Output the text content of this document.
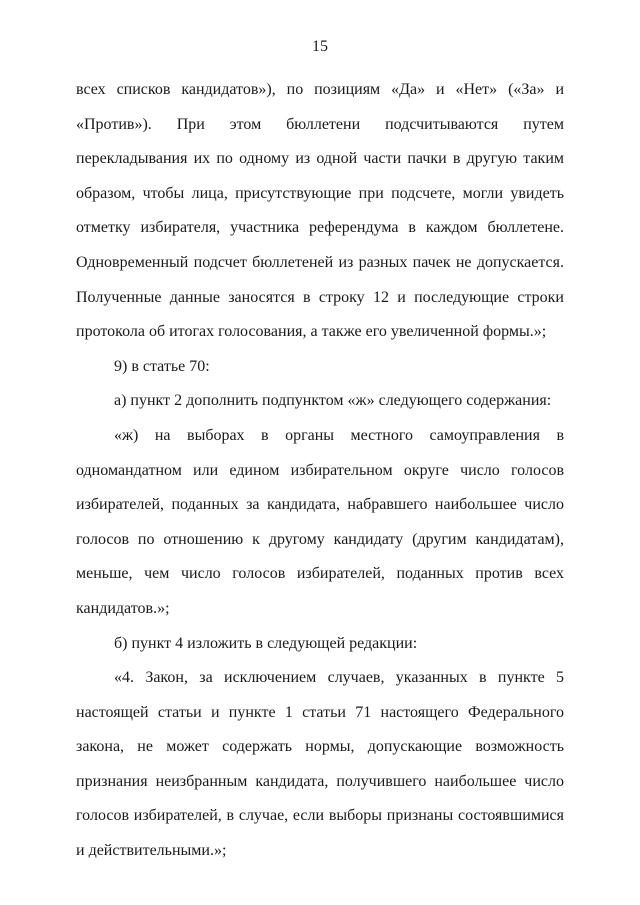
15

всех списков кандидатов»), по позициям «Да» и «Нет» («За» и «Против»). При этом бюллетени подсчитываются путем перекладывания их по одному из одной части пачки в другую таким образом, чтобы лица, присутствующие при подсчете, могли увидеть отметку избирателя, участника референдума в каждом бюллетене. Одновременный подсчет бюллетеней из разных пачек не допускается. Полученные данные заносятся в строку 12 и последующие строки протокола об итогах голосования, а также его увеличенной формы.»;

9) в статье 70:

а) пункт 2 дополнить подпунктом «ж» следующего содержания:

«ж) на выборах в органы местного самоуправления в одномандатном или едином избирательном округе число голосов избирателей, поданных за кандидата, набравшего наибольшее число голосов по отношению к другому кандидату (другим кандидатам), меньше, чем число голосов избирателей, поданных против всех кандидатов.»;

б) пункт 4 изложить в следующей редакции:

«4. Закон, за исключением случаев, указанных в пункте 5 настоящей статьи и пункте 1 статьи 71 настоящего Федерального закона, не может содержать нормы, допускающие возможность признания неизбранным кандидата, получившего наибольшее число голосов избирателей, в случае, если выборы признаны состоявшимися и действительными.»;
